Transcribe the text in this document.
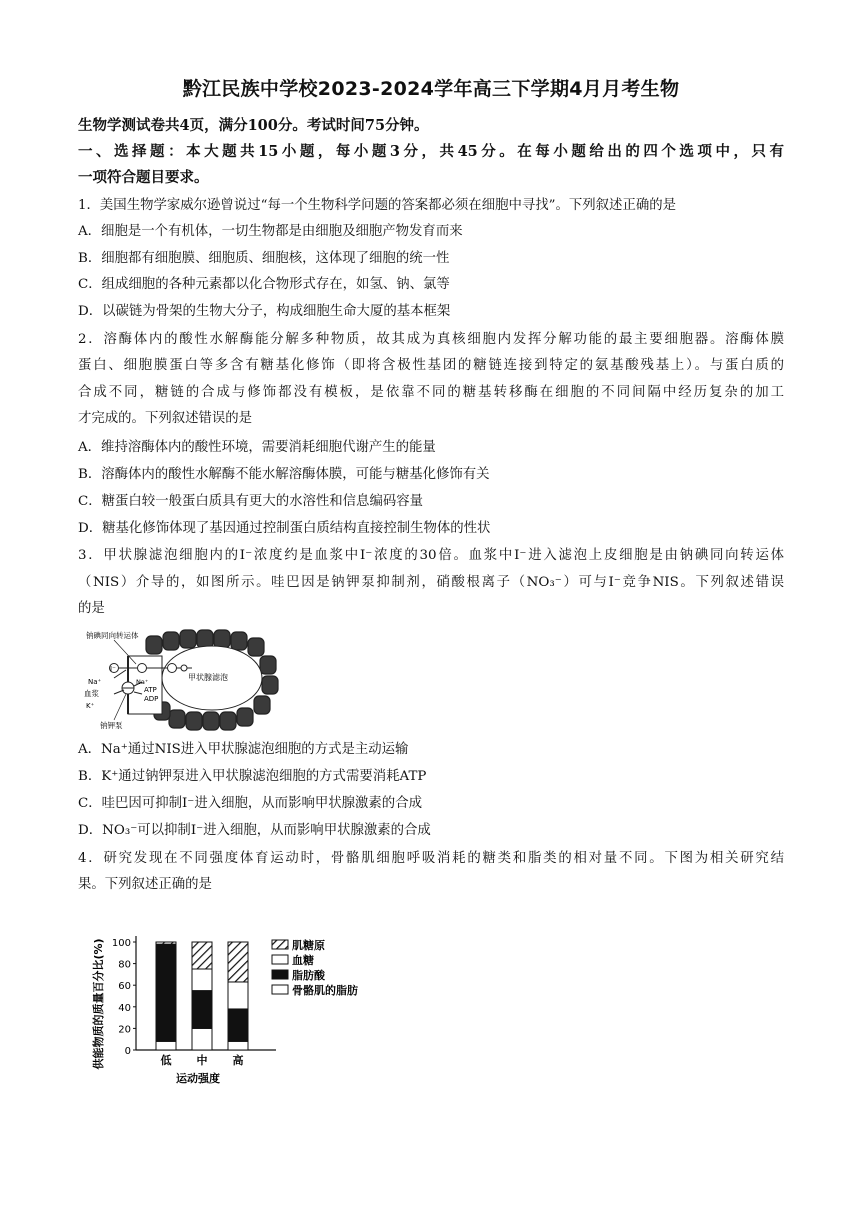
黔江民族中学校2023-2024学年高三下学期4月月考生物
生物学测试卷共4页，满分100分。考试时间75分钟。
一、选择题：本大题共15小题，每小题3分，共45分。在每小题给出的四个选项中，只有
一项符合题目要求。
1．美国生物学家威尔逊曾说过“每一个生物科学问题的答案都必须在细胞中寻找”。下列叙述正确的是
A．细胞是一个有机体，一切生物都是由细胞及细胞产物发育而来
B．细胞都有细胞膜、细胞质、细胞核，这体现了细胞的统一性
C．组成细胞的各种元素都以化合物形式存在，如氢、钠、氯等
D．以碳链为骨架的生物大分子，构成细胞生命大厦的基本框架
2．溶酶体内的酸性水解酶能分解多种物质，故其成为真核细胞内发挥分解功能的最主要细胞器。溶酶体膜
蛋白、细胞膜蛋白等多含有糖基化修饰（即将含极性基团的糖链连接到特定的氨基酸残基上）。与蛋白质的
合成不同，糖链的合成与修饰都没有模板，是依靠不同的糖基转移酶在细胞的不同间隔中经历复杂的加工
才完成的。下列叙述错误的是
A．维持溶酶体内的酸性环境，需要消耗细胞代谢产生的能量
B．溶酶体内的酸性水解酶不能水解溶酶体膜，可能与糖基化修饰有关
C．糖蛋白较一般蛋白质具有更大的水溶性和信息编码容量
D．糖基化修饰体现了基因通过控制蛋白质结构直接控制生物体的性状
3．甲状腺滤泡细胞内的I⁻浓度约是血浆中I⁻浓度的30倍。血浆中I⁻进入滤泡上皮细胞是由钠碘同向转运体
（NIS）介导的，如图所示。哇巴因是钠钾泵抑制剂，硝酸根离子（NO₃⁻）可与I⁻竞争NIS。下列叙述错误
的是
钠碘同向转运体
I⁻
Na⁺
血浆
K⁺
Na⁺
ATP
ADP
钠钾泵
甲状腺滤泡
A．Na⁺通过NIS进入甲状腺滤泡细胞的方式是主动运输
B．K⁺通过钠钾泵进入甲状腺滤泡细胞的方式需要消耗ATP
C．哇巴因可抑制I⁻进入细胞，从而影响甲状腺激素的合成
D．NO₃⁻可以抑制I⁻进入细胞，从而影响甲状腺激素的合成
4．研究发现在不同强度体育运动时，骨骼肌细胞呼吸消耗的糖类和脂类的相对量不同。下图为相关研究结
果。下列叙述正确的是
0
20
40
60
80
100
低 中 高
肌糖原
血糖
脂肪酸
骨骼肌的脂肪
供能物质的质量百分比(%)
运动强度
